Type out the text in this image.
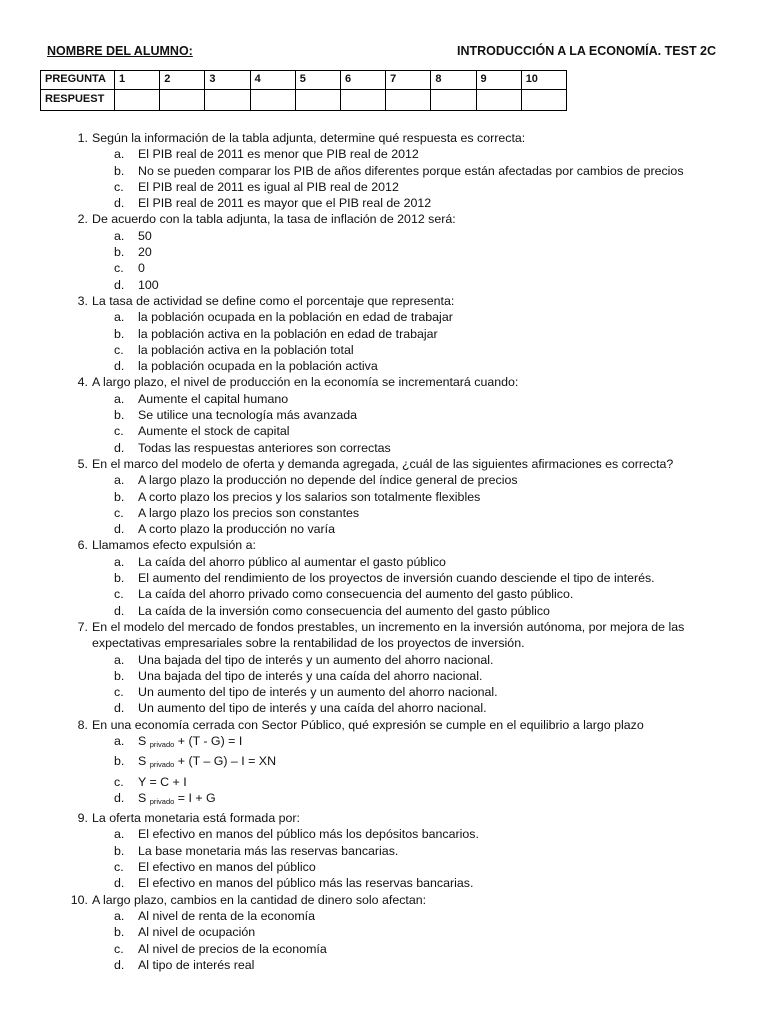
NOMBRE DEL ALUMNO:	INTRODUCCIÓN A LA ECONOMÍA. TEST 2C
PREGUNTA	1	2	3	4	5	6	7	8	9	10
RESPUEST										
1. Según la información de la tabla adjunta, determine qué respuesta es correcta:
a. El PIB real de 2011 es menor que PIB real de 2012
b. No se pueden comparar los PIB de años diferentes porque están afectadas por cambios de precios
c. El PIB real de 2011 es igual al PIB real de 2012
d. El PIB real de 2011 es mayor que el PIB real de 2012
2. De acuerdo con la tabla adjunta, la tasa de inflación de 2012 será:
a. 50
b. 20
c. 0
d. 100
3. La tasa de actividad se define como el porcentaje que representa:
a. la población ocupada en la población en edad de trabajar
b. la población activa en la población en edad de trabajar
c. la población activa en la población total
d. la población ocupada en la población activa
4. A largo plazo, el nivel de producción en la economía se incrementará cuando:
a. Aumente el capital humano
b. Se utilice una tecnología más avanzada
c. Aumente el stock de capital
d. Todas las respuestas anteriores son correctas
5. En el marco del modelo de oferta y demanda agregada, ¿cuál de las siguientes afirmaciones es correcta?
a. A largo plazo la producción no depende del índice general de precios
b. A corto plazo los precios y los salarios son totalmente flexibles
c. A largo plazo los precios son constantes
d. A corto plazo la producción no varía
6. Llamamos efecto expulsión a:
a. La caída del ahorro público al aumentar el gasto público
b. El aumento del rendimiento de los proyectos de inversión cuando desciende el tipo de interés.
c. La caída del ahorro privado como consecuencia del aumento del gasto público.
d. La caída de la inversión como consecuencia del aumento del gasto público
7. En el modelo del mercado de fondos prestables, un incremento en la inversión autónoma, por mejora de las expectativas empresariales sobre la rentabilidad de los proyectos de inversión.
a. Una bajada del tipo de interés y un aumento del ahorro nacional.
b. Una bajada del tipo de interés y una caída del ahorro nacional.
c. Un aumento del tipo de interés y un aumento del ahorro nacional.
d. Un aumento del tipo de interés y una caída del ahorro nacional.
8. En una economía cerrada con Sector Público, qué expresión se cumple en el equilibrio a largo plazo
a. S $_{privado}$ + (T - G) = I
b. S $_{privado}$ + (T – G) – I = XN
c. Y = C + I
d. S $_{privado}$ = I + G
9. La oferta monetaria está formada por:
a. El efectivo en manos del público más los depósitos bancarios.
b. La base monetaria más las reservas bancarias.
c. El efectivo en manos del público
d. El efectivo en manos del público más las reservas bancarias.
10. A largo plazo, cambios en la cantidad de dinero solo afectan:
a. Al nivel de renta de la economía
b. Al nivel de ocupación
c. Al nivel de precios de la economía
d. Al tipo de interés real
